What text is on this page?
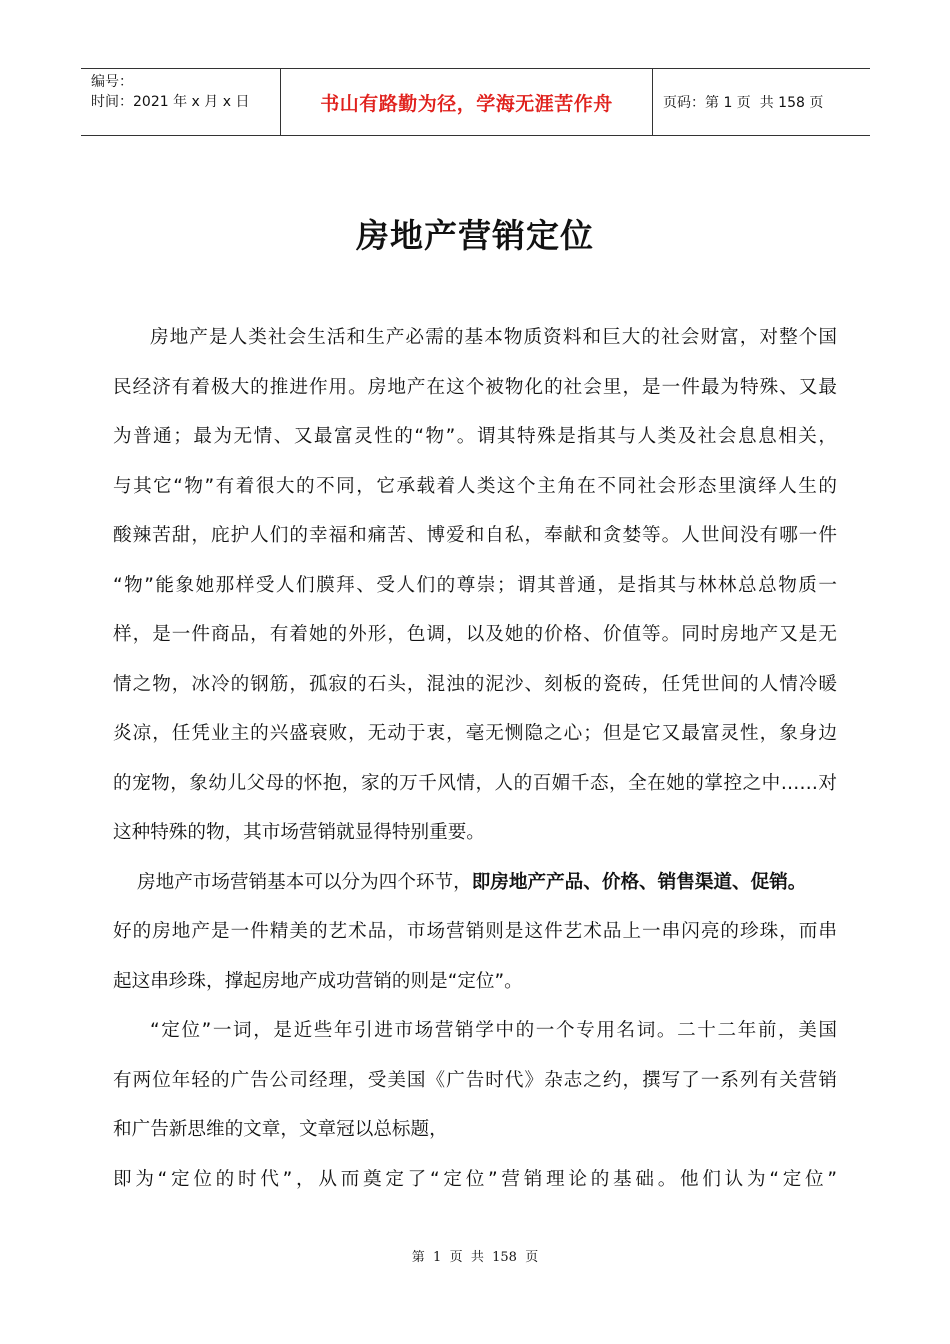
编号：
时间：2021 年 x 月 x 日	书山有路勤为径，学海无涯苦作舟	页码：第 1 页  共 158 页
房地产营销定位
房地产是人类社会生活和生产必需的基本物质资料和巨大的社会财富，对整个国
民经济有着极大的推进作用。房地产在这个被物化的社会里，是一件最为特殊、又最
为普通；最为无情、又最富灵性的“物”。谓其特殊是指其与人类及社会息息相关，
与其它“物”有着很大的不同，它承载着人类这个主角在不同社会形态里演绎人生的
酸辣苦甜，庇护人们的幸福和痛苦、博爱和自私，奉献和贪婪等。人世间没有哪一件
“物”能象她那样受人们膜拜、受人们的尊崇；谓其普通，是指其与林林总总物质一
样，是一件商品，有着她的外形，色调，以及她的价格、价值等。同时房地产又是无
情之物，冰冷的钢筋，孤寂的石头，混浊的泥沙、刻板的瓷砖，任凭世间的人情冷暖
炎凉，任凭业主的兴盛衰败，无动于衷，毫无恻隐之心；但是它又最富灵性，象身边
的宠物，象幼儿父母的怀抱，家的万千风情，人的百媚千态，全在她的掌控之中……对
这种特殊的物，其市场营销就显得特别重要。
房地产市场营销基本可以分为四个环节，即房地产产品、价格、销售渠道、促销。
好的房地产是一件精美的艺术品，市场营销则是这件艺术品上一串闪亮的珍珠，而串
起这串珍珠，撑起房地产成功营销的则是“定位”。
“定位”一词，是近些年引进市场营销学中的一个专用名词。二十二年前，美国
有两位年轻的广告公司经理，受美国《广告时代》杂志之约，撰写了一系列有关营销
和广告新思维的文章，文章冠以总标题，
即为“定位的时代”，从而奠定了“定位”营销理论的基础。他们认为“定位”
第  1  页  共  158  页
